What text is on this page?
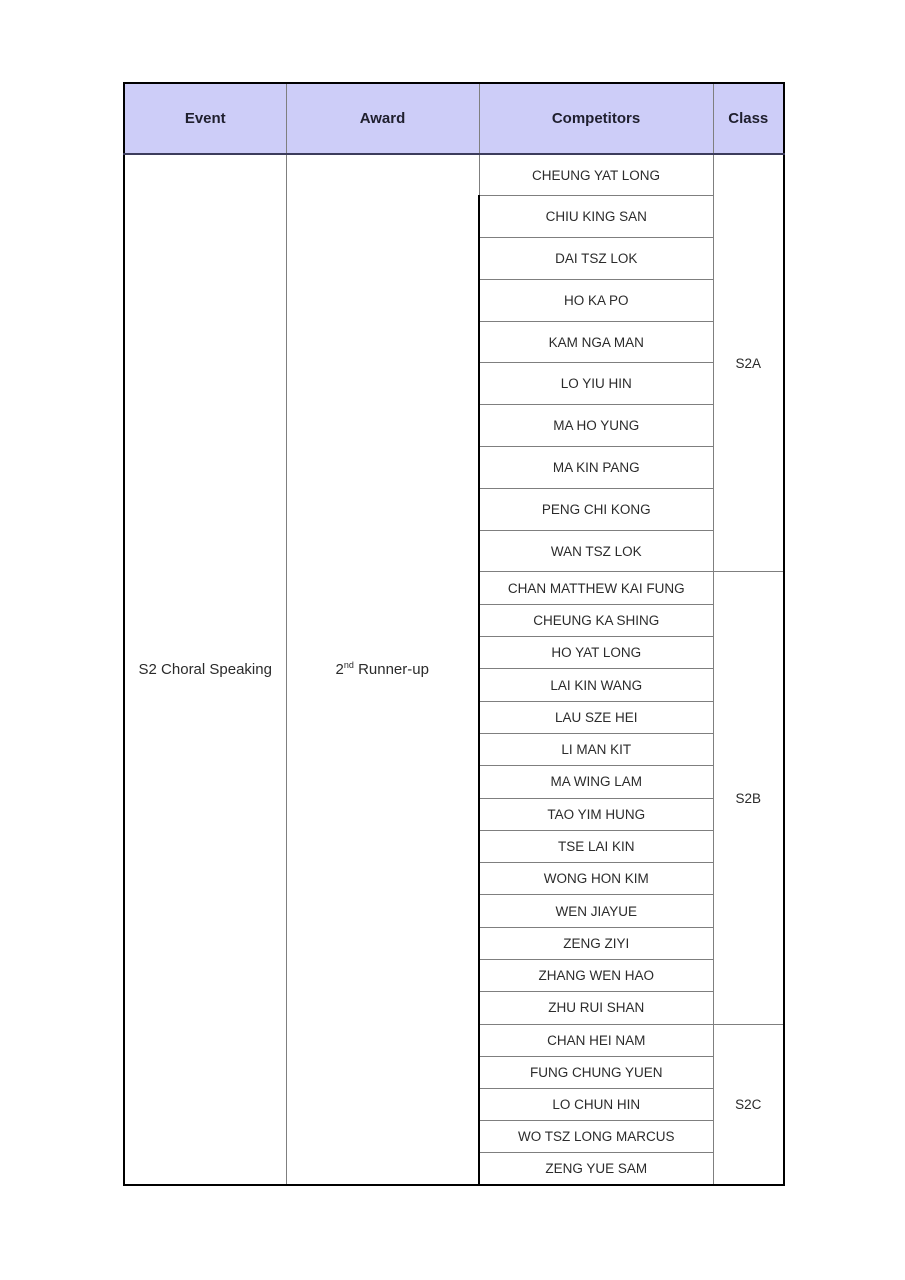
Event	Award	Competitors	Class
S2 Choral Speaking	2nd Runner-up	CHEUNG YAT LONG	S2A
		CHIU KING SAN	
		DAI TSZ LOK	
		HO KA PO	
		KAM NGA MAN	
		LO YIU HIN	
		MA HO YUNG	
		MA KIN PANG	
		PENG CHI KONG	
		WAN TSZ LOK	
		CHAN MATTHEW KAI FUNG	S2B
		CHEUNG KA SHING	
		HO YAT LONG	
		LAI KIN WANG	
		LAU SZE HEI	
		LI MAN KIT	
		MA WING LAM	
		TAO YIM HUNG	
		TSE LAI KIN	
		WONG HON KIM	
		WEN JIAYUE	
		ZENG ZIYI	
		ZHANG WEN HAO	
		ZHU RUI SHAN	
		CHAN HEI NAM	S2C
		FUNG CHUNG YUEN	
		LO CHUN HIN	
		WO TSZ LONG MARCUS	
		ZENG YUE SAM	
